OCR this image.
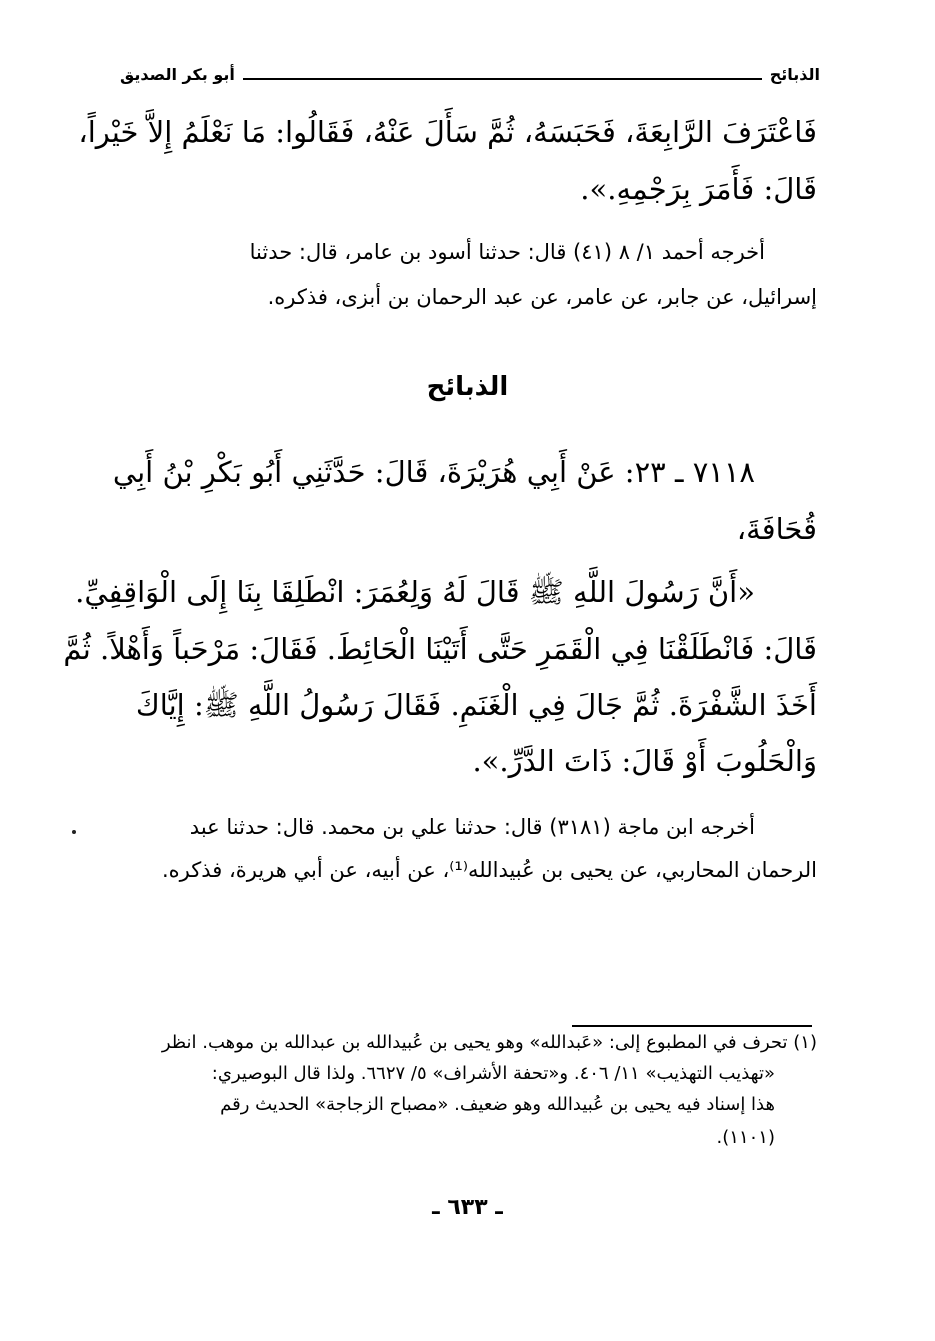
الذبائح
أبو بكر الصديق
فَاعْتَرَفَ الرَّابِعَةَ، فَحَبَسَهُ، ثُمَّ سَأَلَ عَنْهُ، فَقَالُوا: مَا نَعْلَمُ إِلاَّ خَيْراً،
قَالَ: فَأَمَرَ بِرَجْمِهِ.».
أخرجه أحمد ١/ ٨ (٤١) قال: حدثنا أسود بن عامر، قال: حدثنا
إسرائيل، عن جابر، عن عامر، عن عبد الرحمان بن أبزى، فذكره.
الذبائح
٧١١٨ ـ ٢٣: عَنْ أَبِي هُرَيْرَةَ، قَالَ: حَدَّثَنِي أَبُو بَكْرِ بْنُ أَبِي
قُحَافَةَ،
«أَنَّ رَسُولَ اللَّهِ ﷺ قَالَ لَهُ وَلِعُمَرَ: انْطَلِقَا بِنَا إِلَى الْوَاقِفِيِّ.
قَالَ: فَانْطَلَقْنَا فِي الْقَمَرِ حَتَّى أَتَيْنَا الْحَائِطَ. فَقَالَ: مَرْحَباً وَأَهْلاً. ثُمَّ
أَخَذَ الشَّفْرَةَ. ثُمَّ جَالَ فِي الْغَنَمِ. فَقَالَ رَسُولُ اللَّهِ ﷺ: إِيَّاكَ
وَالْحَلُوبَ أَوْ قَالَ: ذَاتَ الدَّرِّ.».
أخرجه ابن ماجة (٣١٨١) قال: حدثنا علي بن محمد. قال: حدثنا عبد
الرحمان المحاربي، عن يحيى بن عُبيدالله⁽¹⁾، عن أبيه، عن أبي هريرة، فذكره.
(١) تحرف في المطبوع إلى: «عَبدالله» وهو يحيى بن عُبيدالله بن عبدالله بن موهب. انظر
«تهذيب التهذيب» ١١/ ٤٠٦. و«تحفة الأشراف» ٥/ ٦٦٢٧. ولذا قال البوصيري:
هذا إسناد فيه يحيى بن عُبيدالله وهو ضعيف. «مصباح الزجاجة» الحديث رقم
(١١٠١).
ـ ٦٣٣ ـ
